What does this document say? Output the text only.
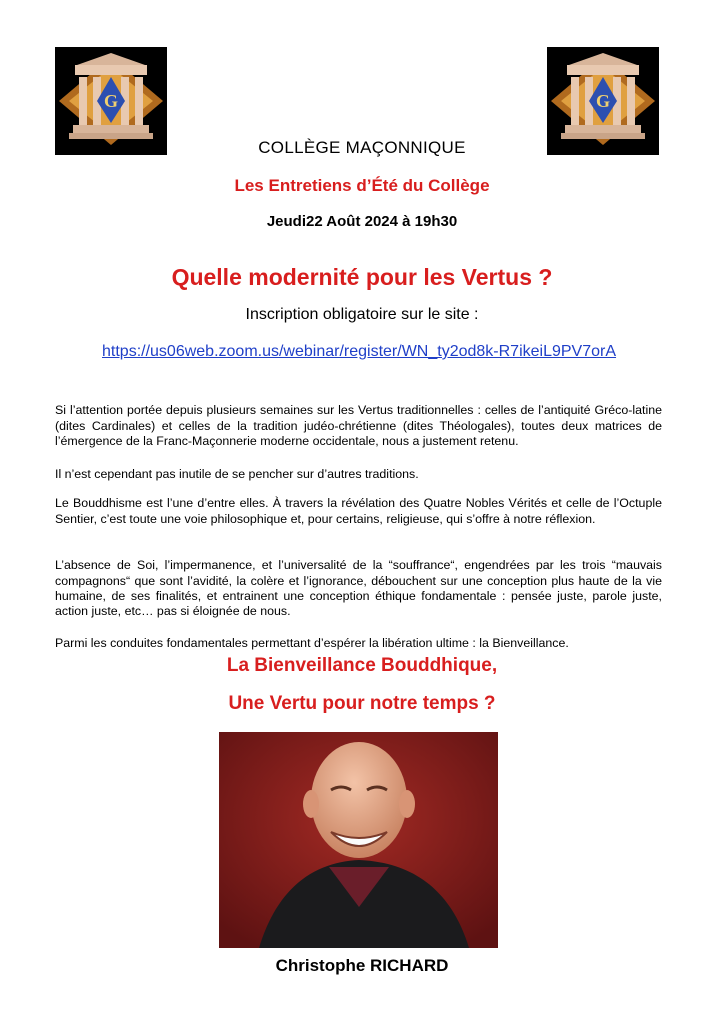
G	G
COLLÈGE MAÇONNIQUE
Les Entretiens d’Été du Collège
Jeudi22 Août 2024 à 19h30
Quelle modernité pour les Vertus ?
Inscription obligatoire sur le site :
https://us06web.zoom.us/webinar/register/WN_ty2od8k-R7ikeiL9PV7orA

Si l’attention portée depuis plusieurs semaines sur les Vertus traditionnelles : celles de l’antiquité Gréco-latine (dites Cardinales) et celles de la tradition judéo-chrétienne (dites Théologales), toutes deux matrices de l’émergence de la Franc-Maçonnerie moderne occidentale, nous a justement retenu.

Il n’est cependant pas inutile de se pencher sur d’autres traditions.

Le Bouddhisme est l’une d’entre elles. À travers la révélation des Quatre Nobles Vérités et celle de l’Octuple Sentier, c’est toute une voie philosophique et, pour certains, religieuse, qui s’offre à notre réflexion.

L’absence de Soi, l’impermanence, et l’universalité de la “souffrance“, engendrées par les trois “mauvais compagnons“ que sont l’avidité, la colère et l’ignorance, débouchent sur une conception plus haute de la vie humaine, de ses finalités, et entrainent une conception éthique fondamentale : pensée juste, parole juste, action juste, etc… pas si éloignée de nous.

Parmi les conduites fondamentales permettant d’espérer la libération ultime : la Bienveillance.

La Bienveillance Bouddhique,
Une Vertu pour notre temps ?
Christophe RICHARD
